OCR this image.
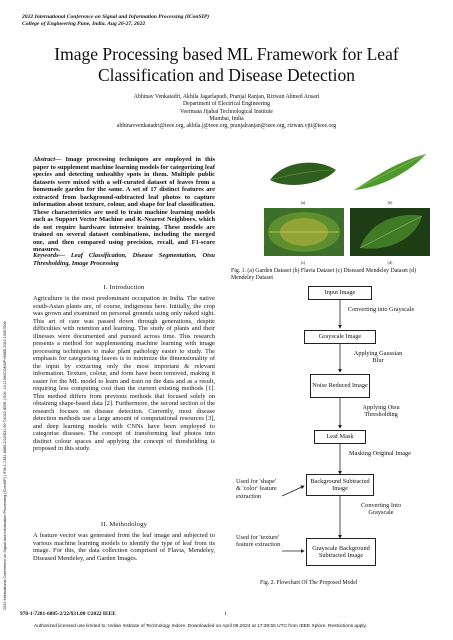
2022 International Conference on Signal and Information Processing (IConSIP)
College of Engineering Pune, India. Aug 26-27, 2022
Image Processing based ML Framework for Leaf Classification and Disease Detection
Abhinav Venkatadri, Akhila Jagarlapudi, Pranjal Ranjan, Rizwan Ahmed Ansari
Department of Electrical Engineering
Veermata Jijabai Technological Institute
Mumbai, India
abhinavvenkatadri@ieee.org, akhila.j@ieee.org, pranjalranjan@ieee.org, rizwan.vjti@ieee.org
2022 International Conference on Signal and Information Processing (IConSIP) | 978-1-7281-6885-2/22/$31.00 ©2022 IEEE | DOI: 10.1109/ICONSIP49665.2022.10007506
Abstract— Image processing techniques are employed in this paper to supplement machine learning models for categorizing leaf species and detecting unhealthy spots in them. Multiple public datasets were mixed with a self-curated dataset of leaves from a homemade garden for the same. A set of 17 distinct features are extracted from background-subtracted leaf photos to capture information about texture, colour, and shape for leaf classification. These characteristics are used to train machine learning models such as Support Vector Machine and K-Nearest Neighbors, which do not require hardware intensive training. These models are trained on several dataset combinations, including the merged one, and then compared using precision, recall, and F1-score measures.
Keywords— Leaf Classification, Disease Segmentation, Otsu Thresholding, Image Processing
I. Introduction
Agriculture is the most predominant occupation in India. The native south-Asian plants are, of course, indigenous here. Initially, the crop was grown and examined on personal grounds using only naked sight. This art of care was passed down through generations, despite difficulties with retention and learning. The study of plants and their illnesses were documented and pursued across time. This research presents a method for supplementing machine learning with image processing techniques to make plant pathology easier to study. The emphasis for categorising leaves is to minimize the dimensionality of the input by extracting only the most important & relevant information. Texture, colour, and form have been removed, making it easier for the ML model to learn and train on the data and as a result, requiring less computing cost than the current existing methods [1]. This method differs from previous methods that focused solely on obtaining shape-based data [2]. Furthermore, the second section of the research focuses on disease detection. Currently, most disease detection methods use a large amount of computational resources [3], and deep learning models with CNNs have been employed to categorise diseases. The concept of transforming leaf photos into distinct colour spaces and applying the concept of thresholding is proposed in this study.
II. Methodology
A feature vector was generated from the leaf image and subjected to various machine learning models to identify the type of leaf from its image. For this, the data collection comprised of Flavia, Mendeley, Diseased Mendeley, and Garden Images.
(a)	(b)
(c)	(d)
Fig. 1. (a) Garden Dataset (b) Flavia Dataset (c) Diseased Mendeley Dataset (d) Mendeley Dataset
Input Image
Converting into Grayscale
Grayscale Image
Applying Gaussian Blur
Noise Reduced Image
Applying Otsu Thresholding
Leaf Mask
Masking Original Image
Background Subtracted Image
Converting Into Grayscale
Grayscale Background Subtracted Image
Used for 'shape' & 'color' feature extraction
Used for 'texture' feature extraction
Fig. 2. Flowchart Of The Proposed Model
978-1-7281-6885-2/22/$31.00 ©2022 IEEE	1
Authorized licensed use limited to: Indian Institute of Technology Indore. Downloaded on April 06,2024 at 17:39:55 UTC from IEEE Xplore. Restrictions apply.
